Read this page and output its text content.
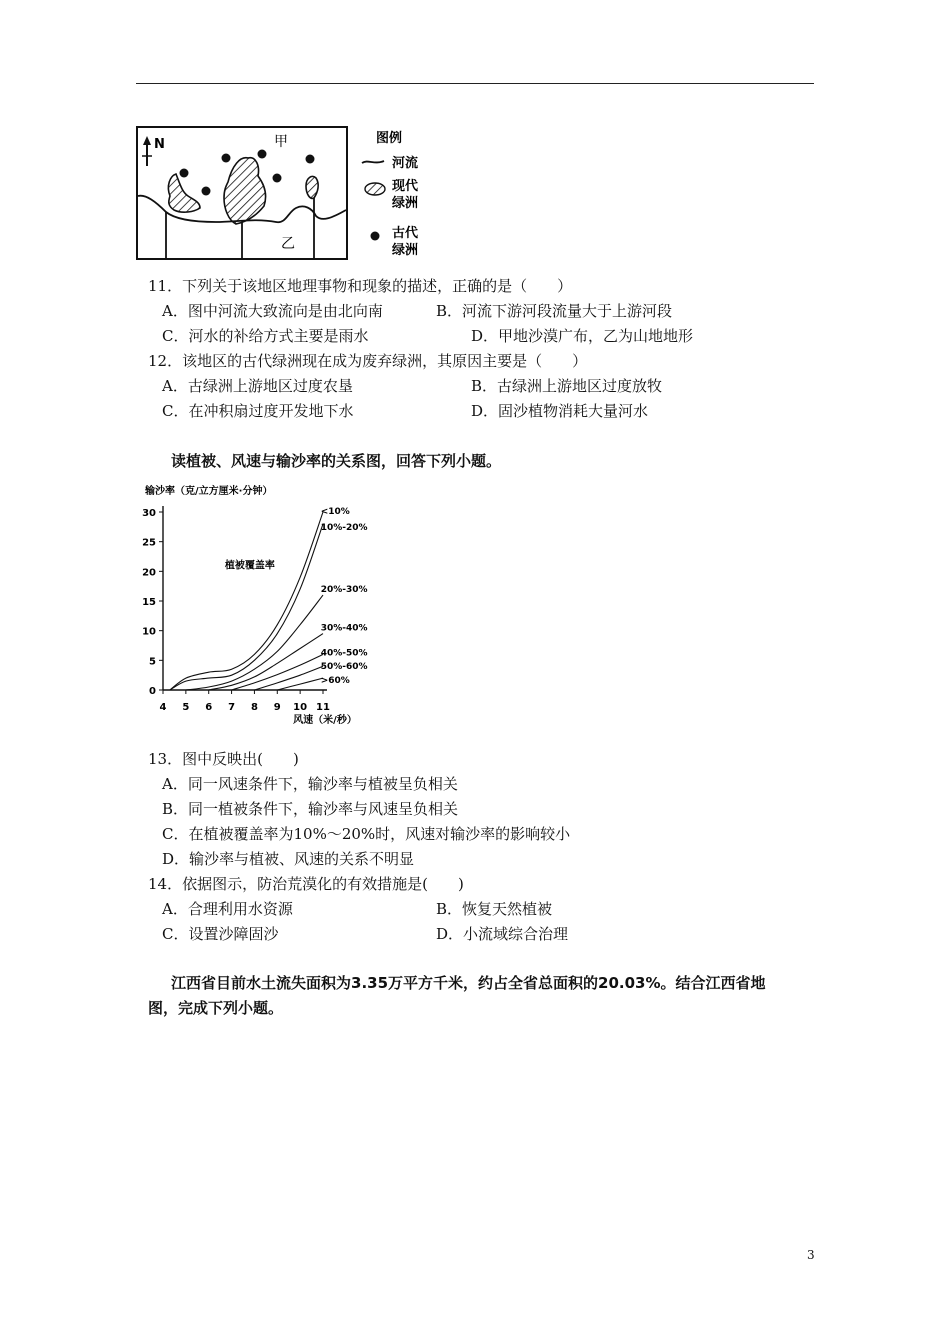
N	甲
乙
图例
河流
现代
绿洲
古代
绿洲
11．下列关于该地区地理事物和现象的描述，正确的是（　　）
A．图中河流大致流向是由北向南	B．河流下游河段流量大于上游河段
C．河水的补给方式主要是雨水	D．甲地沙漠广布，乙为山地地形
12．该地区的古代绿洲现在成为废弃绿洲，其原因主要是（　　）
A．古绿洲上游地区过度农垦	B．古绿洲上游地区过度放牧
C．在冲积扇过度开发地下水	D．固沙植物消耗大量河水
读植被、风速与输沙率的关系图，回答下列小题。
4 5 6 7 8 9 10 11
0
5
10
15
20
25
30
输沙率（克/立方厘米·分钟）
风速（米/秒）
植被覆盖率
<10%
10%-20%
20%-30%
30%-40%
40%-50%
50%-60%
>60%
13．图中反映出(　　)
A．同一风速条件下，输沙率与植被呈负相关
B．同一植被条件下，输沙率与风速呈负相关
C．在植被覆盖率为10%～20%时，风速对输沙率的影响较小
D．输沙率与植被、风速的关系不明显
14．依据图示，防治荒漠化的有效措施是(　　)
A．合理利用水资源	B．恢复天然植被
C．设置沙障固沙	D．小流域综合治理
江西省目前水土流失面积为3.35万平方千米，约占全省总面积的20.03%。结合江西省地
图，完成下列小题。
3
